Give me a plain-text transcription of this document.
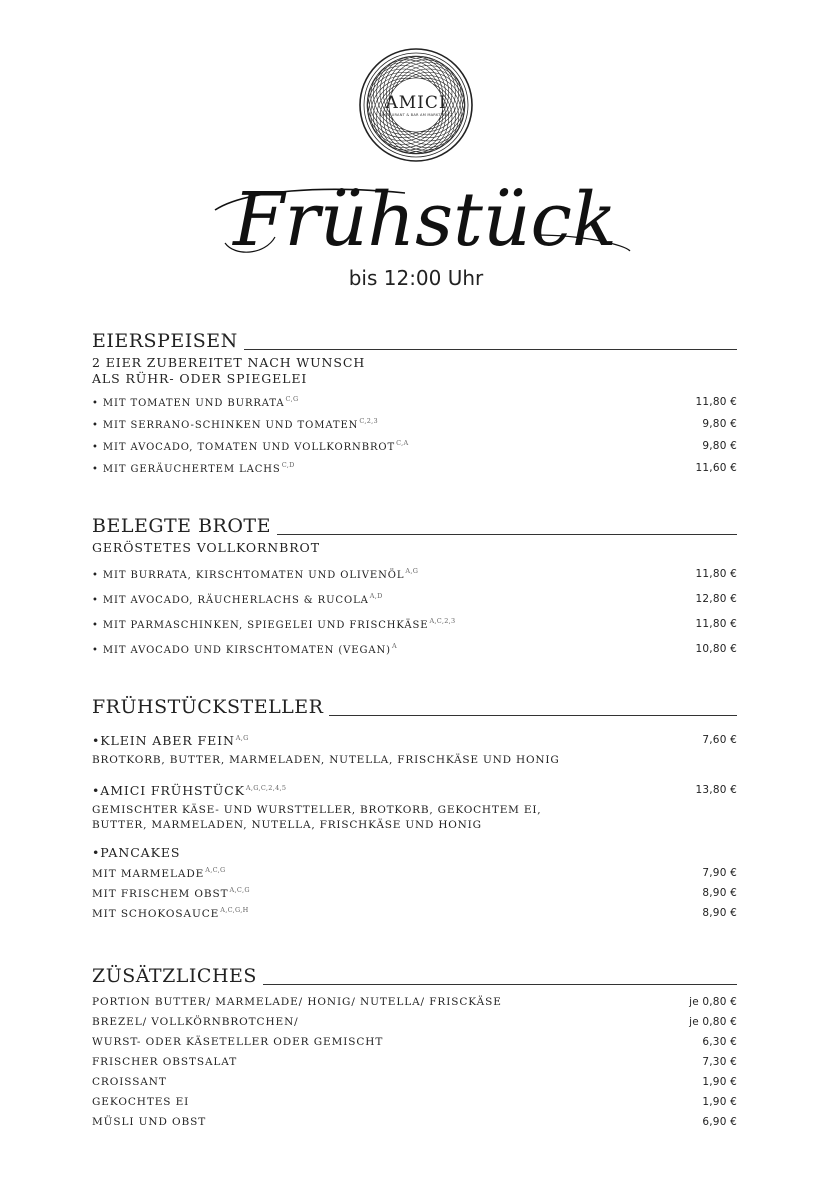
AMICI
RESTAURANT & BAR AM MARKTPLATZ
Frühstück
bis 12:00 Uhr
EIERSPEISEN
2 EIER ZUBEREITET NACH WUNSCH
ALS RÜHR- ODER SPIEGELEI
• MIT TOMATEN UND $BURRATA^{C,G}$	11,80 €
• MIT SERRANO-SCHINKEN UND $TOMATEN^{C,2,3}$	9,80 €
• MIT AVOCADO, TOMATEN UND $VOLLKORNBROT^{C,A}$	9,80 €
• MIT GERÄUCHERTEM $LACHS^{C,D}$	11,60 €
BELEGTE BROTE
GERÖSTETES VOLLKORNBROT
• MIT BURRATA, KIRSCHTOMATEN UND $OLIVENÖL^{A,G}$	11,80 €
• MIT AVOCADO, RÄUCHERLACHS & $RUCOLA^{A,D}$	12,80 €
• MIT PARMASCHINKEN, SPIEGELEI UND $FRISCHKÄSE^{A,C,2,3}$	11,80 €
• MIT AVOCADO UND KIRSCHTOMATEN (VEGAN)$^A$	10,80 €
FRÜHSTÜCKSTELLER
•KLEIN ABER $FEIN^{A,G}$	7,60 €
BROTKORB, BUTTER, MARMELADEN, NUTELLA, FRISCHKÄSE UND HONIG
•AMICI $FRÜHSTÜCK^{A,G,C,2,4,5}$	13,80 €
GEMISCHTER KÄSE- UND WURSTTELLER, BROTKORB, GEKOCHTEM EI,
BUTTER, MARMELADEN, NUTELLA, FRISCHKÄSE UND HONIG
•PANCAKES
MIT $MARMELADE^{A,C,G}$	7,90 €
MIT FRISCHEM $OBST^{A,C,G}$	8,90 €
MIT $SCHOKOSAUCE^{A,C,G,H}$	8,90 €
ZÜSÄTZLICHES
PORTION BUTTER/ MARMELADE/ HONIG/ NUTELLA/ FRISCKÄSE	je 0,80 €
BREZEL/ VOLLKÖRNBROTCHEN/	je 0,80 €
WURST- ODER KÄSETELLER ODER GEMISCHT	6,30 €
FRISCHER OBSTSALAT	7,30 €
CROISSANT	1,90 €
GEKOCHTES EI	1,90 €
MÜSLI UND OBST	6,90 €
